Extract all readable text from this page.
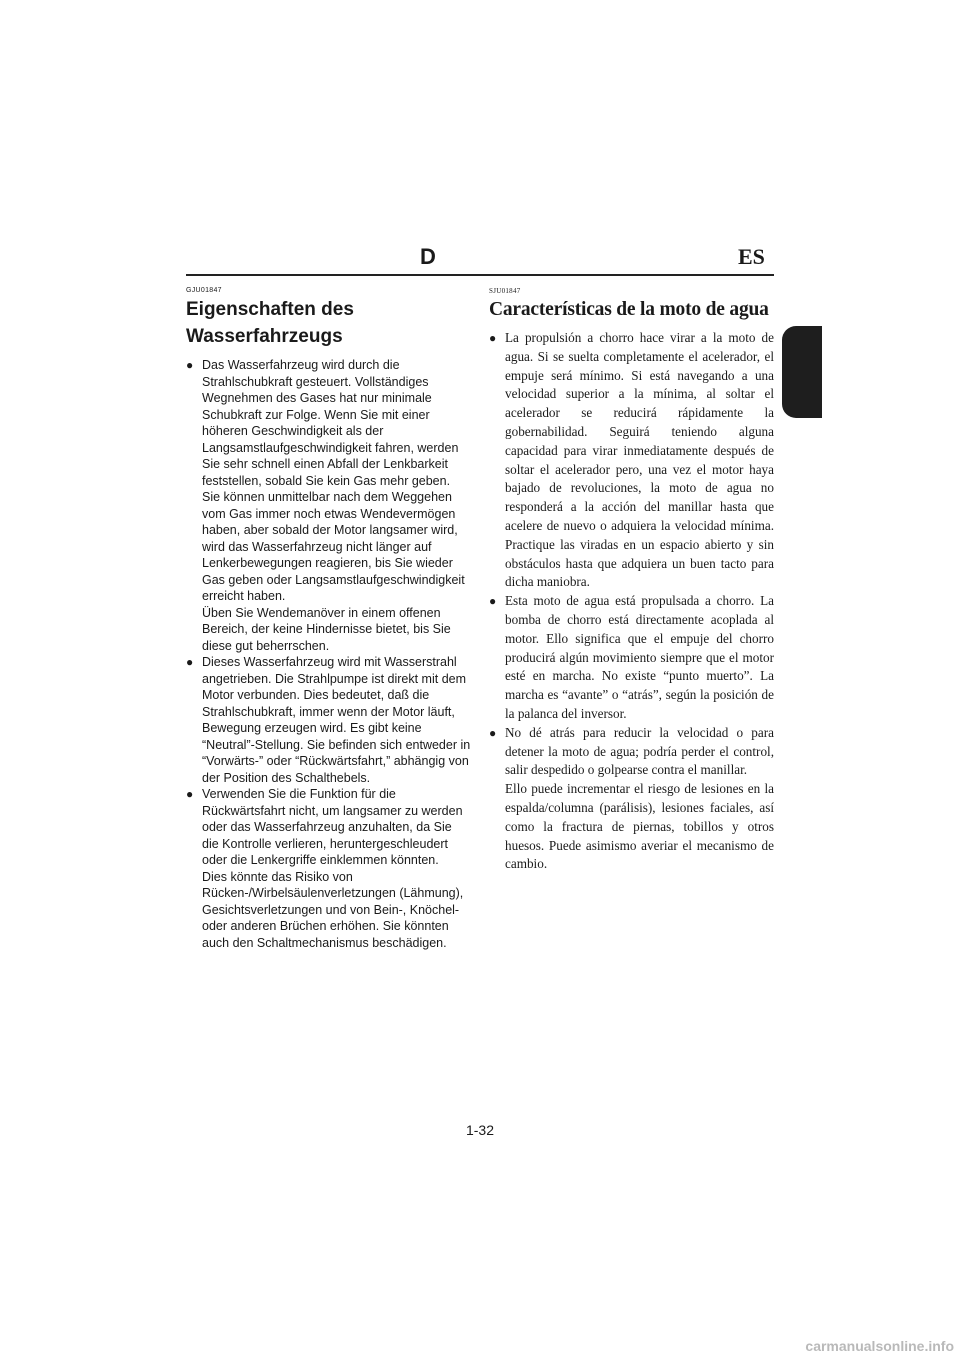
D	ES
GJU01847
Eigenschaften des Wasserfahrzeugs
● Das Wasserfahrzeug wird durch die Strahlschubkraft gesteuert. Vollständiges Wegnehmen des Gases hat nur minimale Schubkraft zur Folge. Wenn Sie mit einer höheren Geschwindigkeit als der Langsamstlaufgeschwindigkeit fahren, werden Sie sehr schnell einen Abfall der Lenkbarkeit feststellen, sobald Sie kein Gas mehr geben. Sie können unmittelbar nach dem Weggehen vom Gas immer noch etwas Wendevermögen haben, aber sobald der Motor langsamer wird, wird das Wasserfahrzeug nicht länger auf Lenkerbewegungen reagieren, bis Sie wieder Gas geben oder Langsamstlaufgeschwindigkeit erreicht haben.
Üben Sie Wendemanöver in einem offenen Bereich, der keine Hindernisse bietet, bis Sie diese gut beherrschen.
● Dieses Wasserfahrzeug wird mit Wasserstrahl angetrieben. Die Strahlpumpe ist direkt mit dem Motor verbunden. Dies bedeutet, daß die Strahlschubkraft, immer wenn der Motor läuft, Bewegung erzeugen wird. Es gibt keine “Neutral”-Stellung. Sie befinden sich entweder in “Vorwärts-” oder “Rückwärtsfahrt,” abhängig von der Position des Schalthebels.
● Verwenden Sie die Funktion für die Rückwärtsfahrt nicht, um langsamer zu werden oder das Wasserfahrzeug anzuhalten, da Sie die Kontrolle verlieren, heruntergeschleudert oder die Lenkergriffe einklemmen könnten.
Dies könnte das Risiko von Rücken-/Wirbelsäulenverletzungen (Lähmung), Gesichtsverletzungen und von Bein-, Knöchel- oder anderen Brüchen erhöhen. Sie könnten auch den Schaltmechanismus beschädigen.
SJU01847
Características de la moto de agua
● La propulsión a chorro hace virar a la moto de agua. Si se suelta completamente el acelerador, el empuje será mínimo. Si está navegando a una velocidad superior a la mínima, al soltar el acelerador se reducirá rápidamente la gobernabilidad. Seguirá teniendo alguna capacidad para virar inmediatamente después de soltar el acelerador pero, una vez el motor haya bajado de revoluciones, la moto de agua no responderá a la acción del manillar hasta que acelere de nuevo o adquiera la velocidad mínima. Practique las viradas en un espacio abierto y sin obstáculos hasta que adquiera un buen tacto para dicha maniobra.
● Esta moto de agua está propulsada a chorro. La bomba de chorro está directamente acoplada al motor. Ello significa que el empuje del chorro producirá algún movimiento siempre que el motor esté en marcha. No existe “punto muerto”. La marcha es “avante” o “atrás”, según la posición de la palanca del inversor.
● No dé atrás para reducir la velocidad o para detener la moto de agua; podría perder el control, salir despedido o golpearse contra el manillar.
Ello puede incrementar el riesgo de lesiones en la espalda/columna (parálisis), lesiones faciales, así como la fractura de piernas, tobillos y otros huesos. Puede asimismo averiar el mecanismo de cambio.
1-32
carmanualsonline.info
